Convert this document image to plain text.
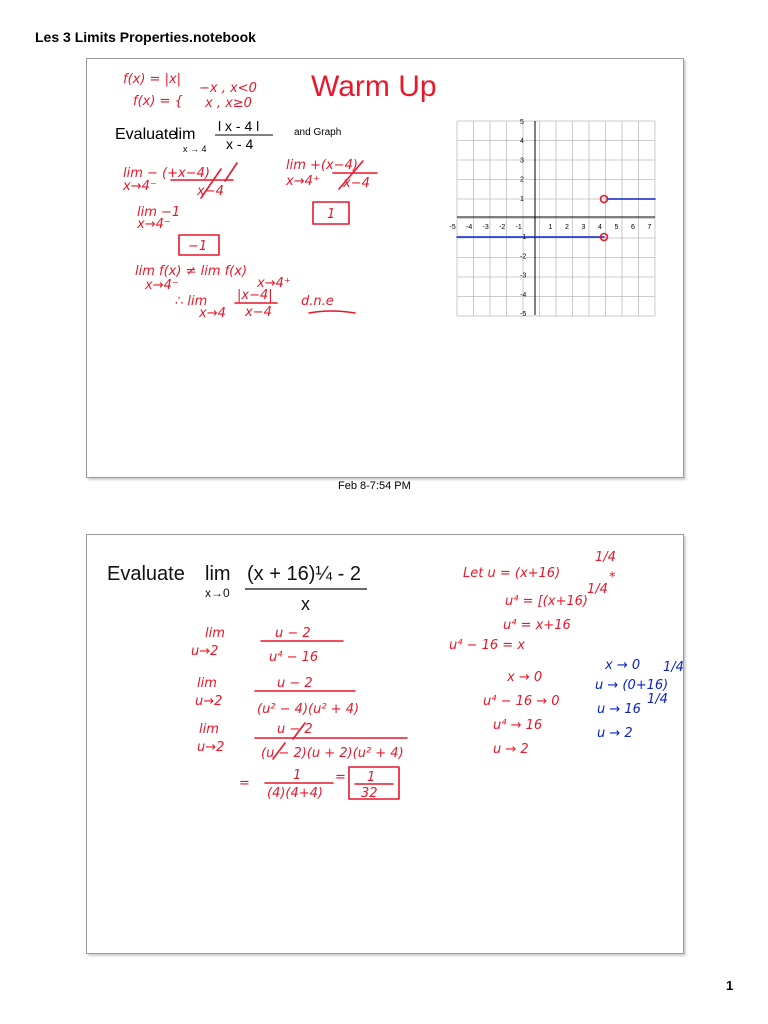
Les 3 Limits Properties.notebook
Warm Up
Evaluate
lim
x → 4
l x - 4 l
x - 4
and Graph
f(x) = |x|
f(x) = {
−x , x<0
x , x≥0
lim − (+x−4)
x→4⁻	x−4
lim −1
x→4⁻
−1
lim +(x−4)
x→4⁺ x−4
1
lim f(x) ≠ lim f(x)
x→4⁻	x→4⁺
∴ lim
x→4
|x−4|
x−4
d.n.e
-5 -4 -3 -2 -1	1 2 3 4 5 6 7
5
4
3
2
1
-1
-2
-3
-4
-5
Feb 8-7:54 PM
Evaluate lim
x→0
(x + 16)¼ - 2
x
lim
u→2
u − 2
u⁴ − 16
lim
u→2
u − 2
(u² − 4)(u² + 4)
lim
u→2
u − 2
(u − 2)(u + 2)(u² + 4)
=
1
(4)(4+4)
= 1
32
Let u = (x+16)
1/4
u⁴ = [(x+16)
1/4
⁎
u⁴ = x+16
u⁴ − 16 = x
x → 0
u⁴ − 16 → 0
u⁴ → 16
u → 2
x → 0 1/4
u → (0+16)
u → 16
1/4
u → 2
1
